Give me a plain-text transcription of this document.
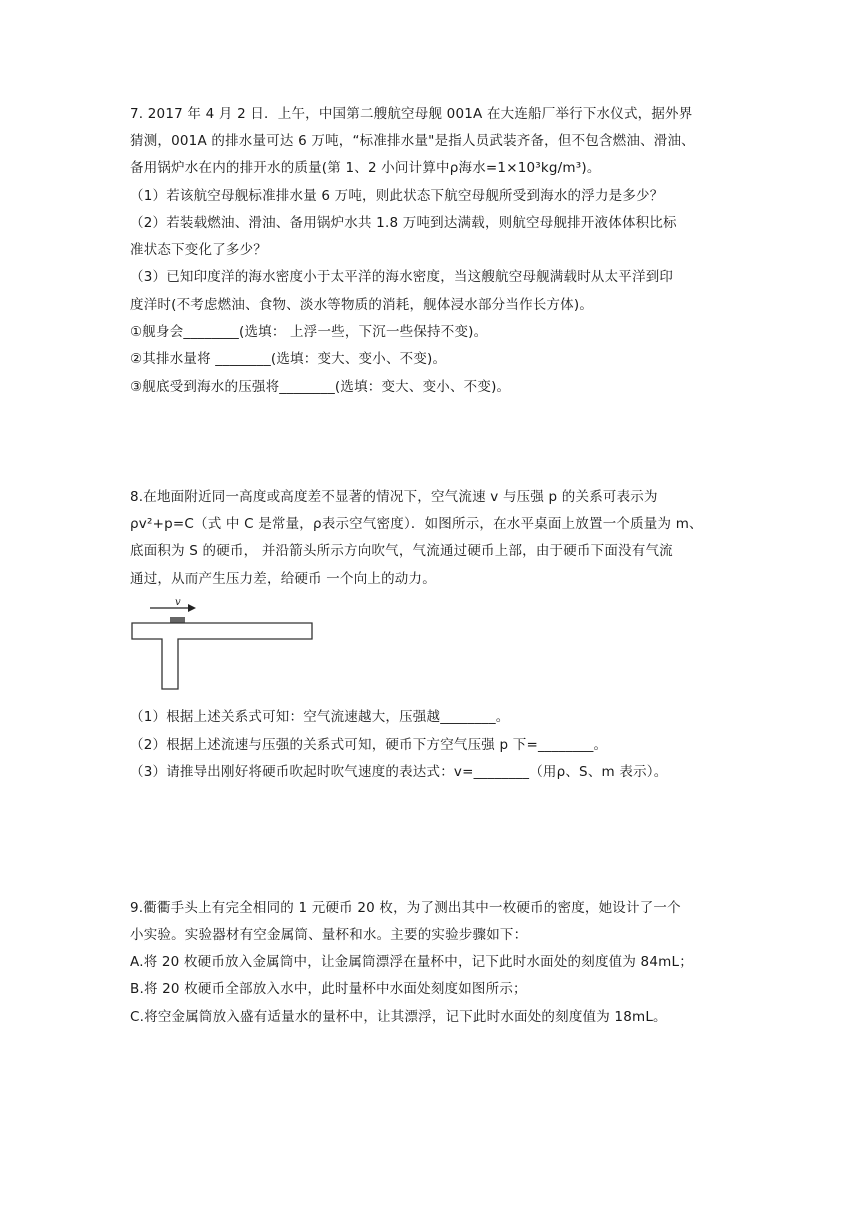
7. 2017 年 4 月 2 日．上午，中国第二艘航空母舰 001A 在大连船厂举行下水仪式，据外界
猜测，001A 的排水量可达 6 万吨，“标准排水量"是指人员武装齐备，但不包含燃油、滑油、
备用锅炉水在内的排开水的质量(第 1、2 小问计算中ρ海水=1×10³kg/m³)。
（1）若该航空母舰标准排水量 6 万吨，则此状态下航空母舰所受到海水的浮力是多少？
（2）若装载燃油、滑油、备用锅炉水共 1.8 万吨到达满载，则航空母舰排开液体体积比标
准状态下变化了多少？
（3）已知印度洋的海水密度小于太平洋的海水密度，当这艘航空母舰满载时从太平洋到印
度洋时(不考虑燃油、食物、淡水等物质的消耗，舰体浸水部分当作长方体)。
①舰身会________(选填： 上浮一些，下沉一些保持不变)。
②其排水量将 ________(选填：变大、变小、不变)。
③舰底受到海水的压强将________(选填：变大、变小、不变)。
8.在地面附近同一高度或高度差不显著的情况下，空气流速 v 与压强 p 的关系可表示为
ρv²+p=C（式 中 C 是常量，ρ表示空气密度）．如图所示，在水平桌面上放置一个质量为 m、
底面积为 S 的硬币， 并沿箭头所示方向吹气，气流通过硬币上部，由于硬币下面没有气流
通过，从而产生压力差，给硬币 一个向上的动力。
v
（1）根据上述关系式可知：空气流速越大，压强越________。
（2）根据上述流速与压强的关系式可知，硬币下方空气压强 p 下=________。
（3）请推导出刚好将硬币吹起时吹气速度的表达式：v=________（用ρ、S、m 表示）。
9.衢衢手头上有完全相同的 1 元硬币 20 枚，为了测出其中一枚硬币的密度，她设计了一个
小实验。实验器材有空金属筒、量杯和水。主要的实验步骤如下：
A.将 20 枚硬币放入金属筒中，让金属筒漂浮在量杯中，记下此时水面处的刻度值为 84mL；
B.将 20 枚硬币全部放入水中，此时量杯中水面处刻度如图所示；
C.将空金属筒放入盛有适量水的量杯中，让其漂浮，记下此时水面处的刻度值为 18mL。
